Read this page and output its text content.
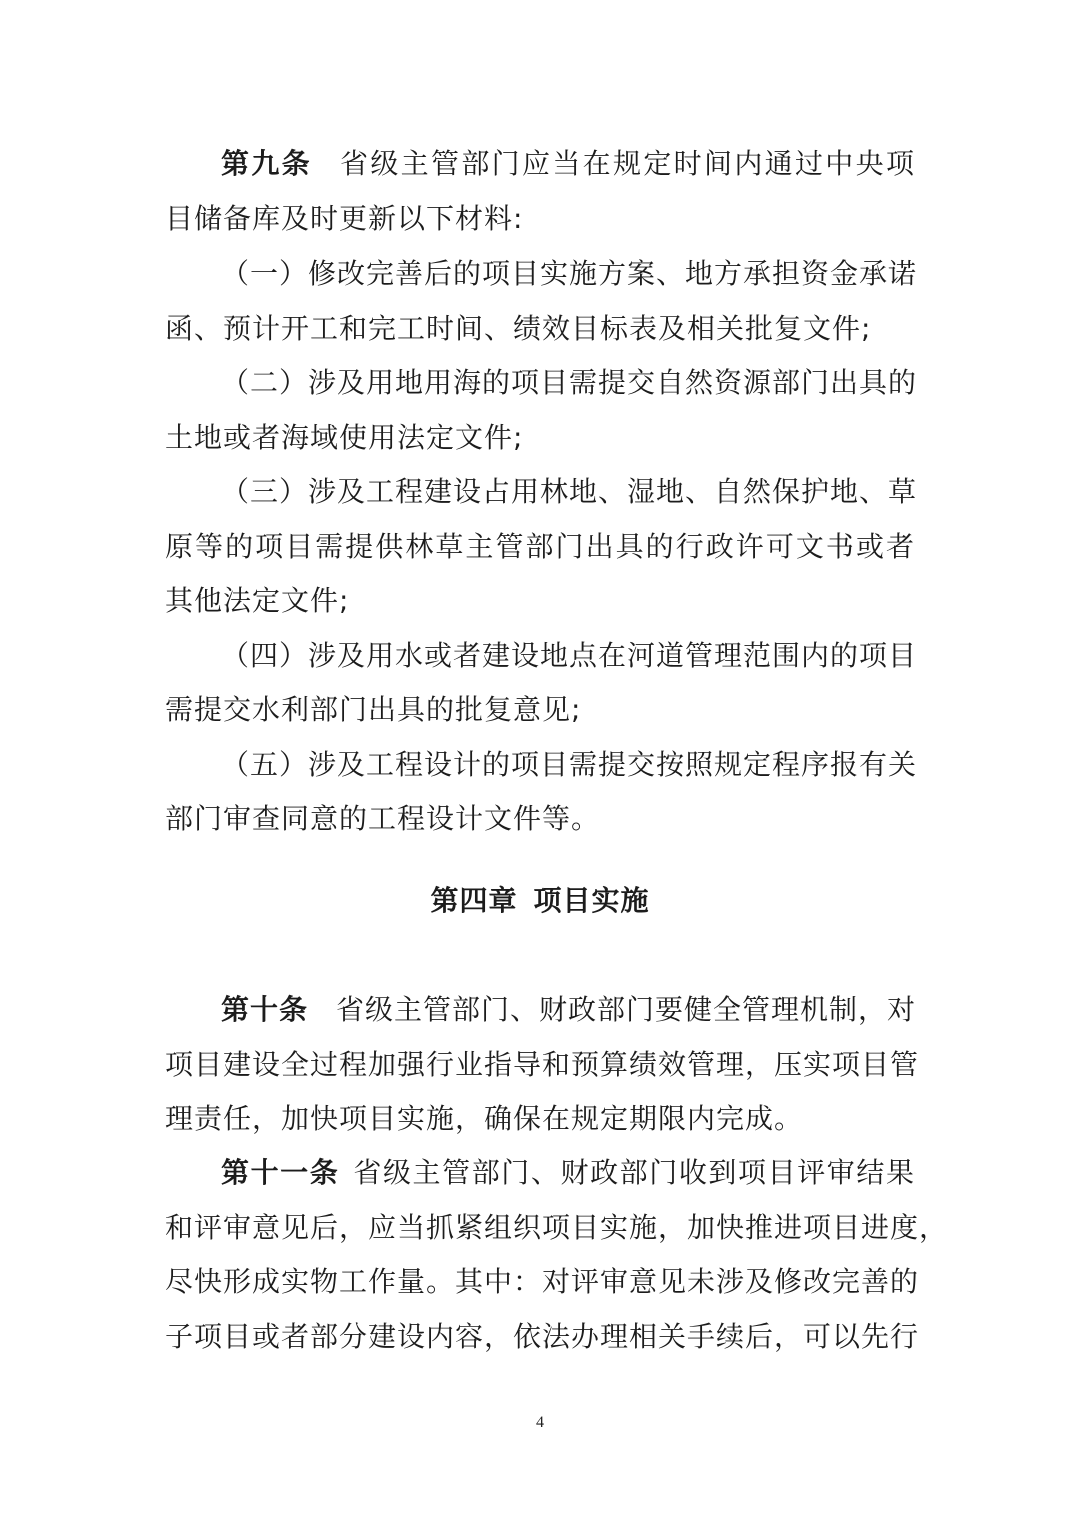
第九条 省级主管部门应当在规定时间内通过中央项
目储备库及时更新以下材料:
（一）修改完善后的项目实施方案、地方承担资金承诺
函、预计开工和完工时间、绩效目标表及相关批复文件;
（二）涉及用地用海的项目需提交自然资源部门出具的
土地或者海域使用法定文件;
（三）涉及工程建设占用林地、湿地、自然保护地、草
原等的项目需提供林草主管部门出具的行政许可文书或者
其他法定文件;
（四）涉及用水或者建设地点在河道管理范围内的项目
需提交水利部门出具的批复意见;
（五）涉及工程设计的项目需提交按照规定程序报有关
部门审查同意的工程设计文件等。
第四章 项目实施
第十条 省级主管部门、财政部门要健全管理机制，对
项目建设全过程加强行业指导和预算绩效管理，压实项目管
理责任，加快项目实施，确保在规定期限内完成。
第十一条 省级主管部门、财政部门收到项目评审结果
和评审意见后，应当抓紧组织项目实施，加快推进项目进度，
尽快形成实物工作量。其中：对评审意见未涉及修改完善的
子项目或者部分建设内容，依法办理相关手续后，可以先行
4
